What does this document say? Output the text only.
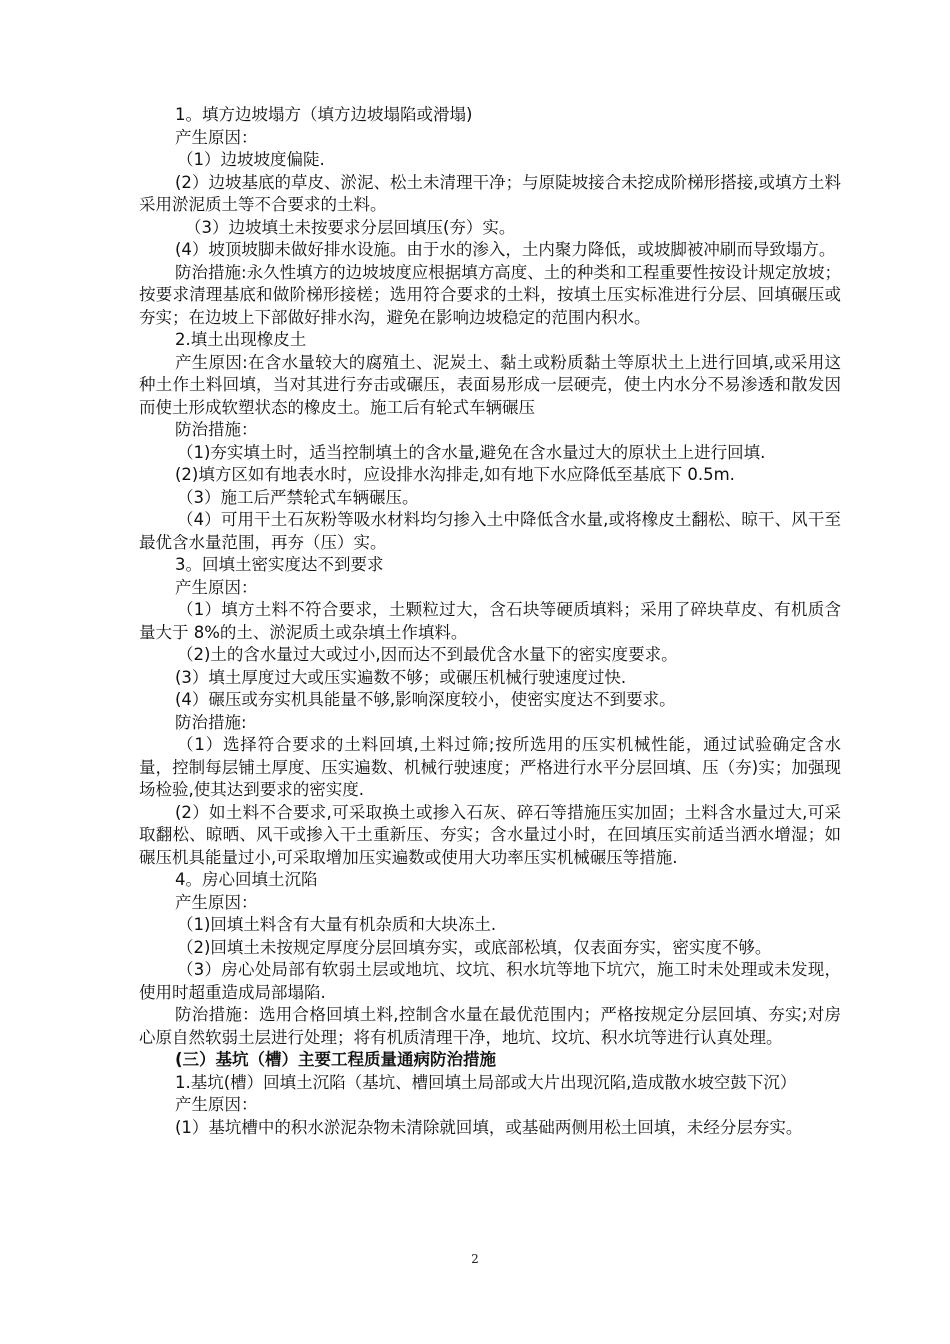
1。填方边坡塌方（填方边坡塌陷或滑塌)

产生原因：

（1）边坡坡度偏陡.

(2）边坡基底的草皮、淤泥、松土未清理干净；与原陡坡接合未挖成阶梯形搭接,或填方土料采用淤泥质土等不合要求的土料。

（3）边坡填土未按要求分层回填压(夯）实。

(4）坡顶坡脚未做好排水设施。由于水的渗入，土内聚力降低，或坡脚被冲刷而导致塌方。

防治措施:永久性填方的边坡坡度应根据填方高度、土的种类和工程重要性按设计规定放坡；按要求清理基底和做阶梯形接槎；选用符合要求的土料，按填土压实标准进行分层、回填碾压或夯实；在边坡上下部做好排水沟，避免在影响边坡稳定的范围内积水。

2.填土出现橡皮土

产生原因:在含水量较大的腐殖土、泥炭土、黏土或粉质黏土等原状土上进行回填,或采用这种土作土料回填，当对其进行夯击或碾压，表面易形成一层硬壳，使土内水分不易渗透和散发因而使土形成软塑状态的橡皮土。施工后有轮式车辆碾压

防治措施：

（1)夯实填土时，适当控制填土的含水量,避免在含水量过大的原状土上进行回填.

(2)填方区如有地表水时，应设排水沟排走,如有地下水应降低至基底下 0.5m.

（3）施工后严禁轮式车辆碾压。

（4）可用干土石灰粉等吸水材料均匀掺入土中降低含水量,或将橡皮土翻松、晾干、风干至最优含水量范围，再夯（压）实。

3。回填土密实度达不到要求

产生原因：

（1）填方土料不符合要求，土颗粒过大，含石块等硬质填料；采用了碎块草皮、有机质含量大于 8%的土、淤泥质土或杂填土作填料。

（2)土的含水量过大或过小,因而达不到最优含水量下的密实度要求。

(3）填土厚度过大或压实遍数不够；或碾压机械行驶速度过快.

(4）碾压或夯实机具能量不够,影响深度较小，使密实度达不到要求。

防治措施:

（1）选择符合要求的土料回填,土料过筛;按所选用的压实机械性能，通过试验确定含水量，控制每层铺土厚度、压实遍数、机械行驶速度；严格进行水平分层回填、压（夯)实；加强现场检验,使其达到要求的密实度.

(2）如土料不合要求,可采取换土或掺入石灰、碎石等措施压实加固；土料含水量过大,可采取翻松、晾晒、风干或掺入干土重新压、夯实；含水量过小时，在回填压实前适当洒水增湿；如碾压机具能量过小,可采取增加压实遍数或使用大功率压实机械碾压等措施.

4。房心回填土沉陷

产生原因：

（1)回填土料含有大量有机杂质和大块冻土.

（2)回填土未按规定厚度分层回填夯实，或底部松填，仅表面夯实，密实度不够。

（3）房心处局部有软弱土层或地坑、坟坑、积水坑等地下坑穴，施工时未处理或未发现，使用时超重造成局部塌陷.

防治措施：选用合格回填土料,控制含水量在最优范围内；严格按规定分层回填、夯实;对房心原自然软弱土层进行处理；将有机质清理干净，地坑、坟坑、积水坑等进行认真处理。

(三）基坑（槽）主要工程质量通病防治措施

1.基坑(槽）回填土沉陷（基坑、槽回填土局部或大片出现沉陷,造成散水坡空鼓下沉）

产生原因：

(1）基坑槽中的积水淤泥杂物未清除就回填，或基础两侧用松土回填，未经分层夯实。

2
